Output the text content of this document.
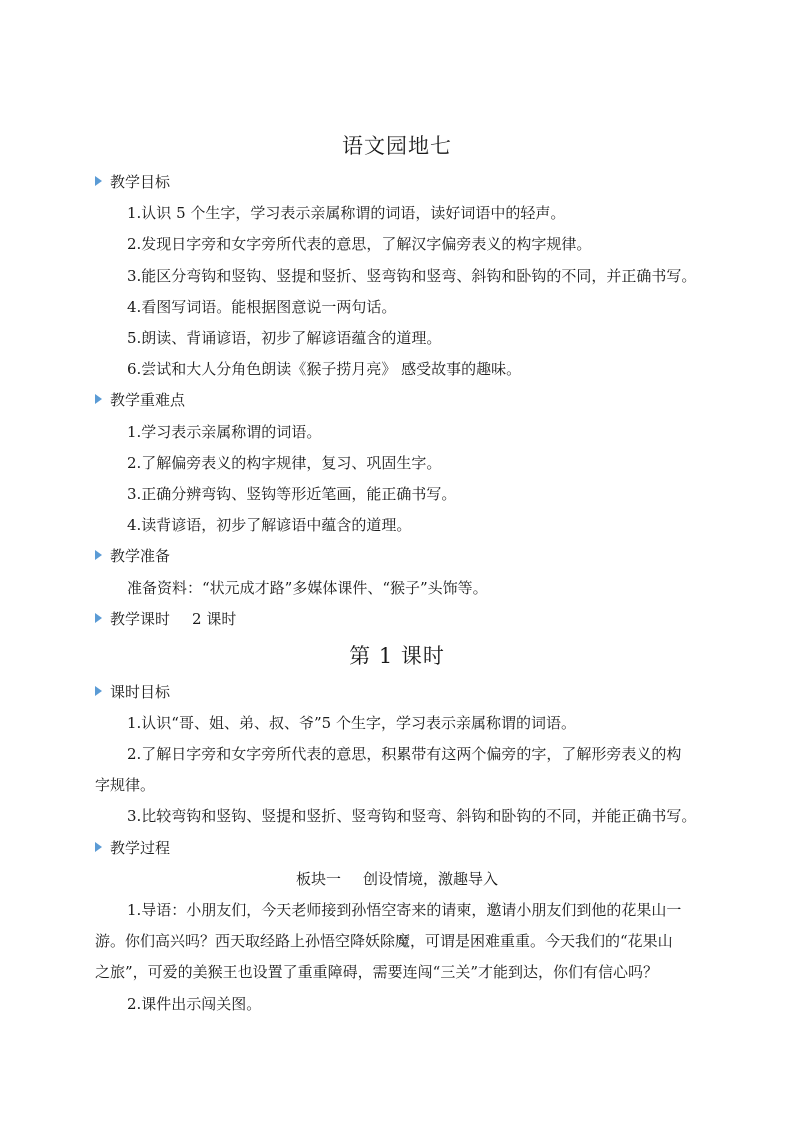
语文园地七
教学目标
1.认识 5 个生字，学习表示亲属称谓的词语，读好词语中的轻声。
2.发现日字旁和女字旁所代表的意思，了解汉字偏旁表义的构字规律。
3.能区分弯钩和竖钩、竖提和竖折、竖弯钩和竖弯、斜钩和卧钩的不同，并正确书写。
4.看图写词语。能根据图意说一两句话。
5.朗读、背诵谚语，初步了解谚语蕴含的道理。
6.尝试和大人分角色朗读《猴子捞月亮》 感受故事的趣味。
教学重难点
1.学习表示亲属称谓的词语。
2.了解偏旁表义的构字规律，复习、巩固生字。
3.正确分辨弯钩、竖钩等形近笔画，能正确书写。
4.读背谚语，初步了解谚语中蕴含的道理。
教学准备
准备资料：“状元成才路”多媒体课件、“猴子”头饰等。
教学课时 2 课时
第 1 课时
课时目标
1.认识“哥、姐、弟、叔、爷”5 个生字，学习表示亲属称谓的词语。
2.了解日字旁和女字旁所代表的意思，积累带有这两个偏旁的字，了解形旁表义的构
字规律。
3.比较弯钩和竖钩、竖提和竖折、竖弯钩和竖弯、斜钩和卧钩的不同，并能正确书写。
教学过程
板块一 创设情境，激趣导入
1.导语：小朋友们，今天老师接到孙悟空寄来的请柬，邀请小朋友们到他的花果山一
游。你们高兴吗？西天取经路上孙悟空降妖除魔，可谓是困难重重。今天我们的“花果山
之旅”，可爱的美猴王也设置了重重障碍，需要连闯“三关”才能到达，你们有信心吗？
2.课件出示闯关图。
